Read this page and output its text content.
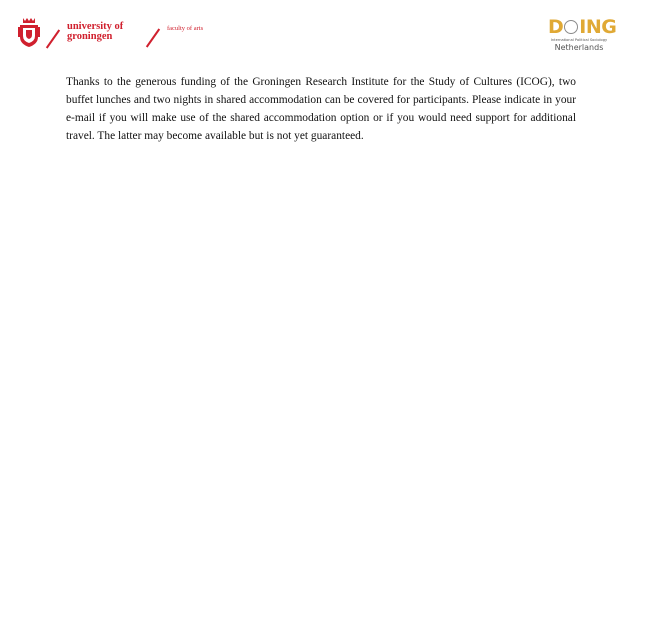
university of
groningen
faculty of arts	D ING
International Political Sociology
Netherlands

Thanks to the generous funding of the Groningen Research Institute for the Study of Cultures (ICOG), two buffet lunches and two nights in shared accommodation can be covered for participants. Please indicate in your e-mail if you will make use of the shared accommodation option or if you would need support for additional travel. The latter may become available but is not yet guaranteed.
